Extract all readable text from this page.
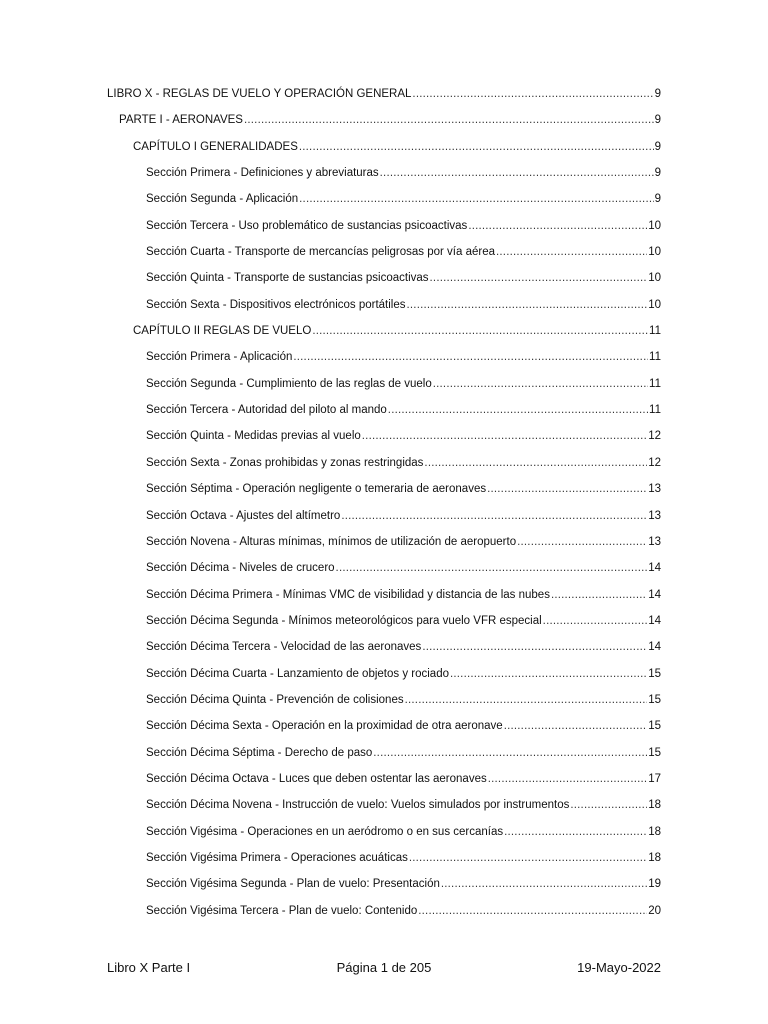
LIBRO X - REGLAS DE VUELO Y OPERACIÓN GENERAL .....	9
PARTE I - AERONAVES .....	9
CAPÍTULO I GENERALIDADES .....	9
Sección Primera - Definiciones y abreviaturas .....	9
Sección Segunda - Aplicación .....	9
Sección Tercera - Uso problemático de sustancias psicoactivas .....	10
Sección Cuarta - Transporte de mercancías peligrosas por vía aérea .....	10
Sección Quinta - Transporte de sustancias psicoactivas .....	10
Sección Sexta - Dispositivos electrónicos portátiles .....	10
CAPÍTULO II REGLAS DE VUELO .....	11
Sección Primera - Aplicación .....	11
Sección Segunda - Cumplimiento de las reglas de vuelo .....	11
Sección Tercera - Autoridad del piloto al mando .....	11
Sección Quinta - Medidas previas al vuelo .....	12
Sección Sexta - Zonas prohibidas y zonas restringidas .....	12
Sección Séptima - Operación negligente o temeraria de aeronaves .....	13
Sección Octava - Ajustes del altímetro .....	13
Sección Novena - Alturas mínimas, mínimos de utilización de aeropuerto .....	13
Sección Décima - Niveles de crucero .....	14
Sección Décima Primera - Mínimas VMC de visibilidad y distancia de las nubes .....	14
Sección Décima Segunda - Mínimos meteorológicos para vuelo VFR especial .....	14
Sección Décima Tercera - Velocidad de las aeronaves .....	14
Sección Décima Cuarta - Lanzamiento de objetos y rociado .....	15
Sección Décima Quinta - Prevención de colisiones .....	15
Sección Décima Sexta - Operación en la proximidad de otra aeronave .....	15
Sección Décima Séptima - Derecho de paso .....	15
Sección Décima Octava - Luces que deben ostentar las aeronaves .....	17
Sección Décima Novena - Instrucción de vuelo: Vuelos simulados por instrumentos .....	18
Sección Vigésima - Operaciones en un aeródromo o en sus cercanías .....	18
Sección Vigésima Primera - Operaciones acuáticas .....	18
Sección Vigésima Segunda - Plan de vuelo: Presentación .....	19
Sección Vigésima Tercera - Plan de vuelo: Contenido .....	20
Libro X Parte I	Página 1 de 205	19-Mayo-2022
